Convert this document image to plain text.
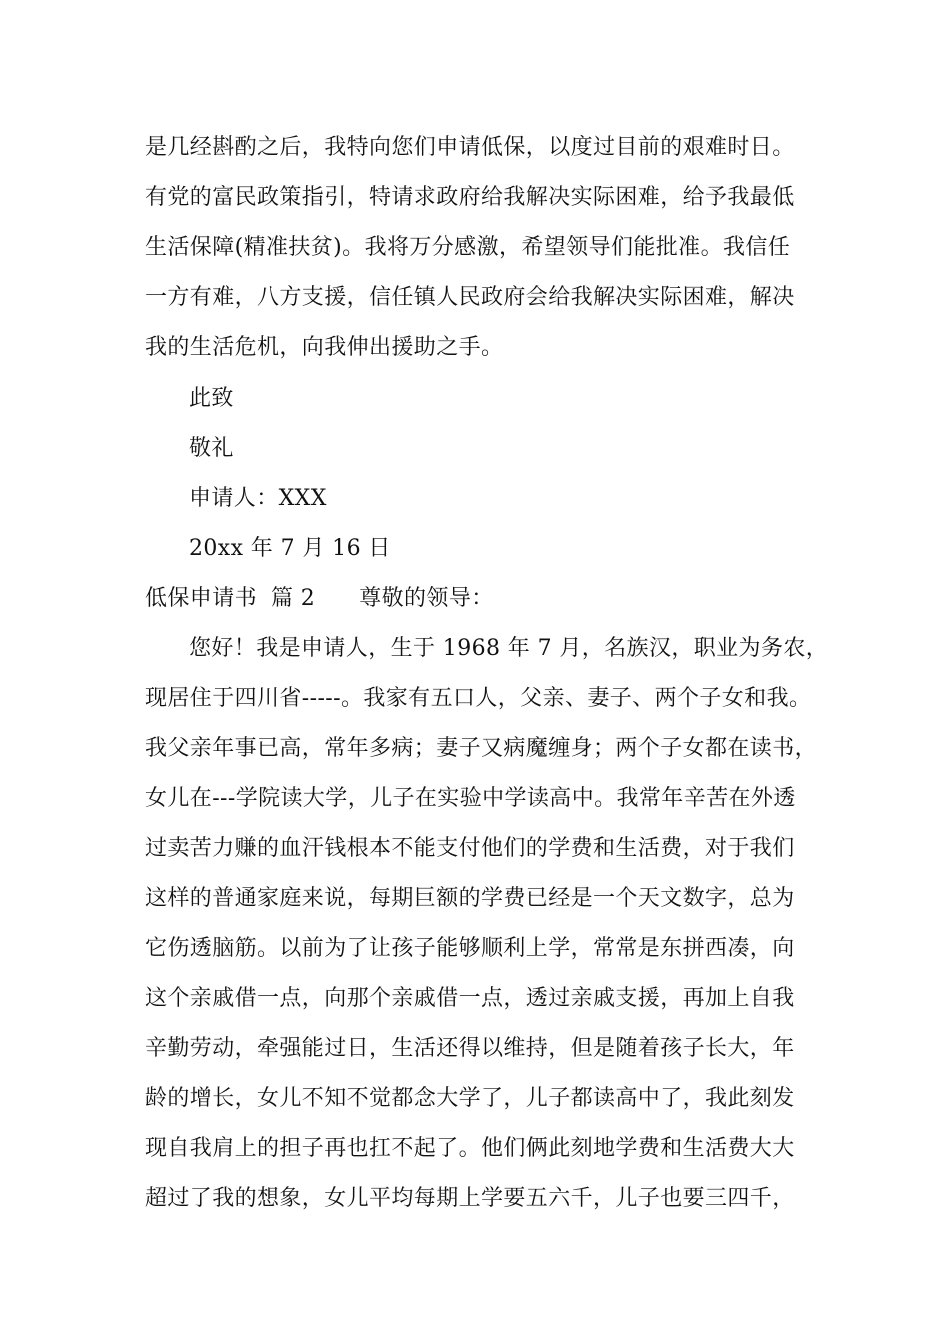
是几经斟酌之后，我特向您们申请低保，以度过目前的艰难时日。
有党的富民政策指引，特请求政府给我解决实际困难，给予我最低
生活保障(精准扶贫)。我将万分感激，希望领导们能批准。我信任
一方有难，八方支援，信任镇人民政府会给我解决实际困难，解决
我的生活危机，向我伸出援助之手。
此致
敬礼
申请人：XXX
20xx 年 7 月 16 日
低保申请书 篇 2 尊敬的领导：
您好！我是申请人，生于 1968 年 7 月，名族汉，职业为务农，
现居住于四川省-----。我家有五口人，父亲、妻子、两个子女和我。
我父亲年事已高，常年多病；妻子又病魔缠身；两个子女都在读书，
女儿在---学院读大学，儿子在实验中学读高中。我常年辛苦在外透
过卖苦力赚的血汗钱根本不能支付他们的学费和生活费，对于我们
这样的普通家庭来说，每期巨额的学费已经是一个天文数字，总为
它伤透脑筋。以前为了让孩子能够顺利上学，常常是东拼西凑，向
这个亲戚借一点，向那个亲戚借一点，透过亲戚支援，再加上自我
辛勤劳动，牵强能过日，生活还得以维持，但是随着孩子长大，年
龄的增长，女儿不知不觉都念大学了，儿子都读高中了，我此刻发
现自我肩上的担子再也扛不起了。他们俩此刻地学费和生活费大大
超过了我的想象，女儿平均每期上学要五六千，儿子也要三四千，
